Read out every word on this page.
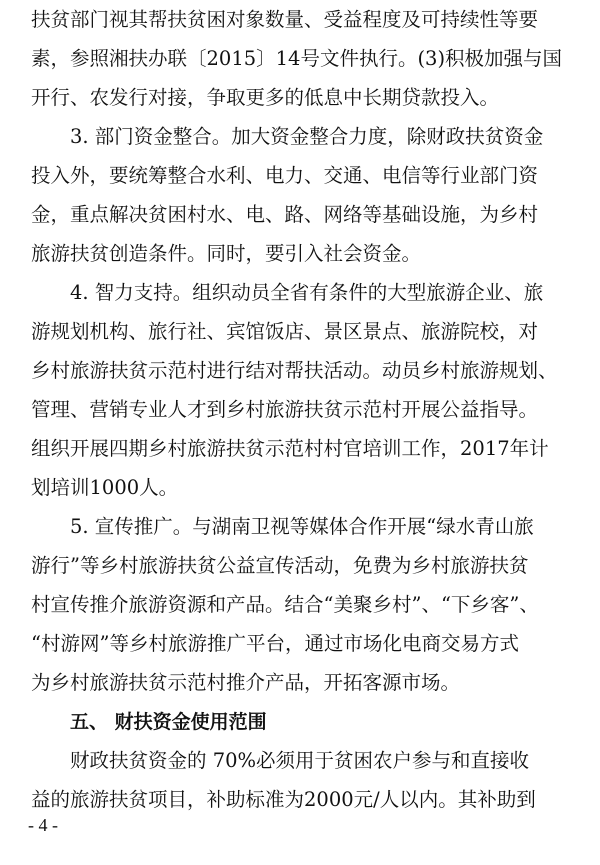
扶贫部门视其帮扶贫困对象数量、受益程度及可持续性等要
素，参照湘扶办联〔2015〕14号文件执行。(3)积极加强与国
开行、农发行对接，争取更多的低息中长期贷款投入。
3. 部门资金整合。加大资金整合力度，除财政扶贫资金
投入外，要统筹整合水利、电力、交通、电信等行业部门资
金，重点解决贫困村水、电、路、网络等基础设施，为乡村
旅游扶贫创造条件。同时，要引入社会资金。
4. 智力支持。组织动员全省有条件的大型旅游企业、旅
游规划机构、旅行社、宾馆饭店、景区景点、旅游院校，对
乡村旅游扶贫示范村进行结对帮扶活动。动员乡村旅游规划、
管理、营销专业人才到乡村旅游扶贫示范村开展公益指导。
组织开展四期乡村旅游扶贫示范村村官培训工作，2017年计
划培训1000人。
5. 宣传推广。与湖南卫视等媒体合作开展“绿水青山旅
游行”等乡村旅游扶贫公益宣传活动，免费为乡村旅游扶贫
村宣传推介旅游资源和产品。结合“美聚乡村”、“下乡客”、
“村游网”等乡村旅游推广平台，通过市场化电商交易方式
为乡村旅游扶贫示范村推介产品，开拓客源市场。
五、 财扶资金使用范围
财政扶贫资金的 70%必须用于贫困农户参与和直接收
益的旅游扶贫项目，补助标准为2000元/人以内。其补助到
- 4 -
